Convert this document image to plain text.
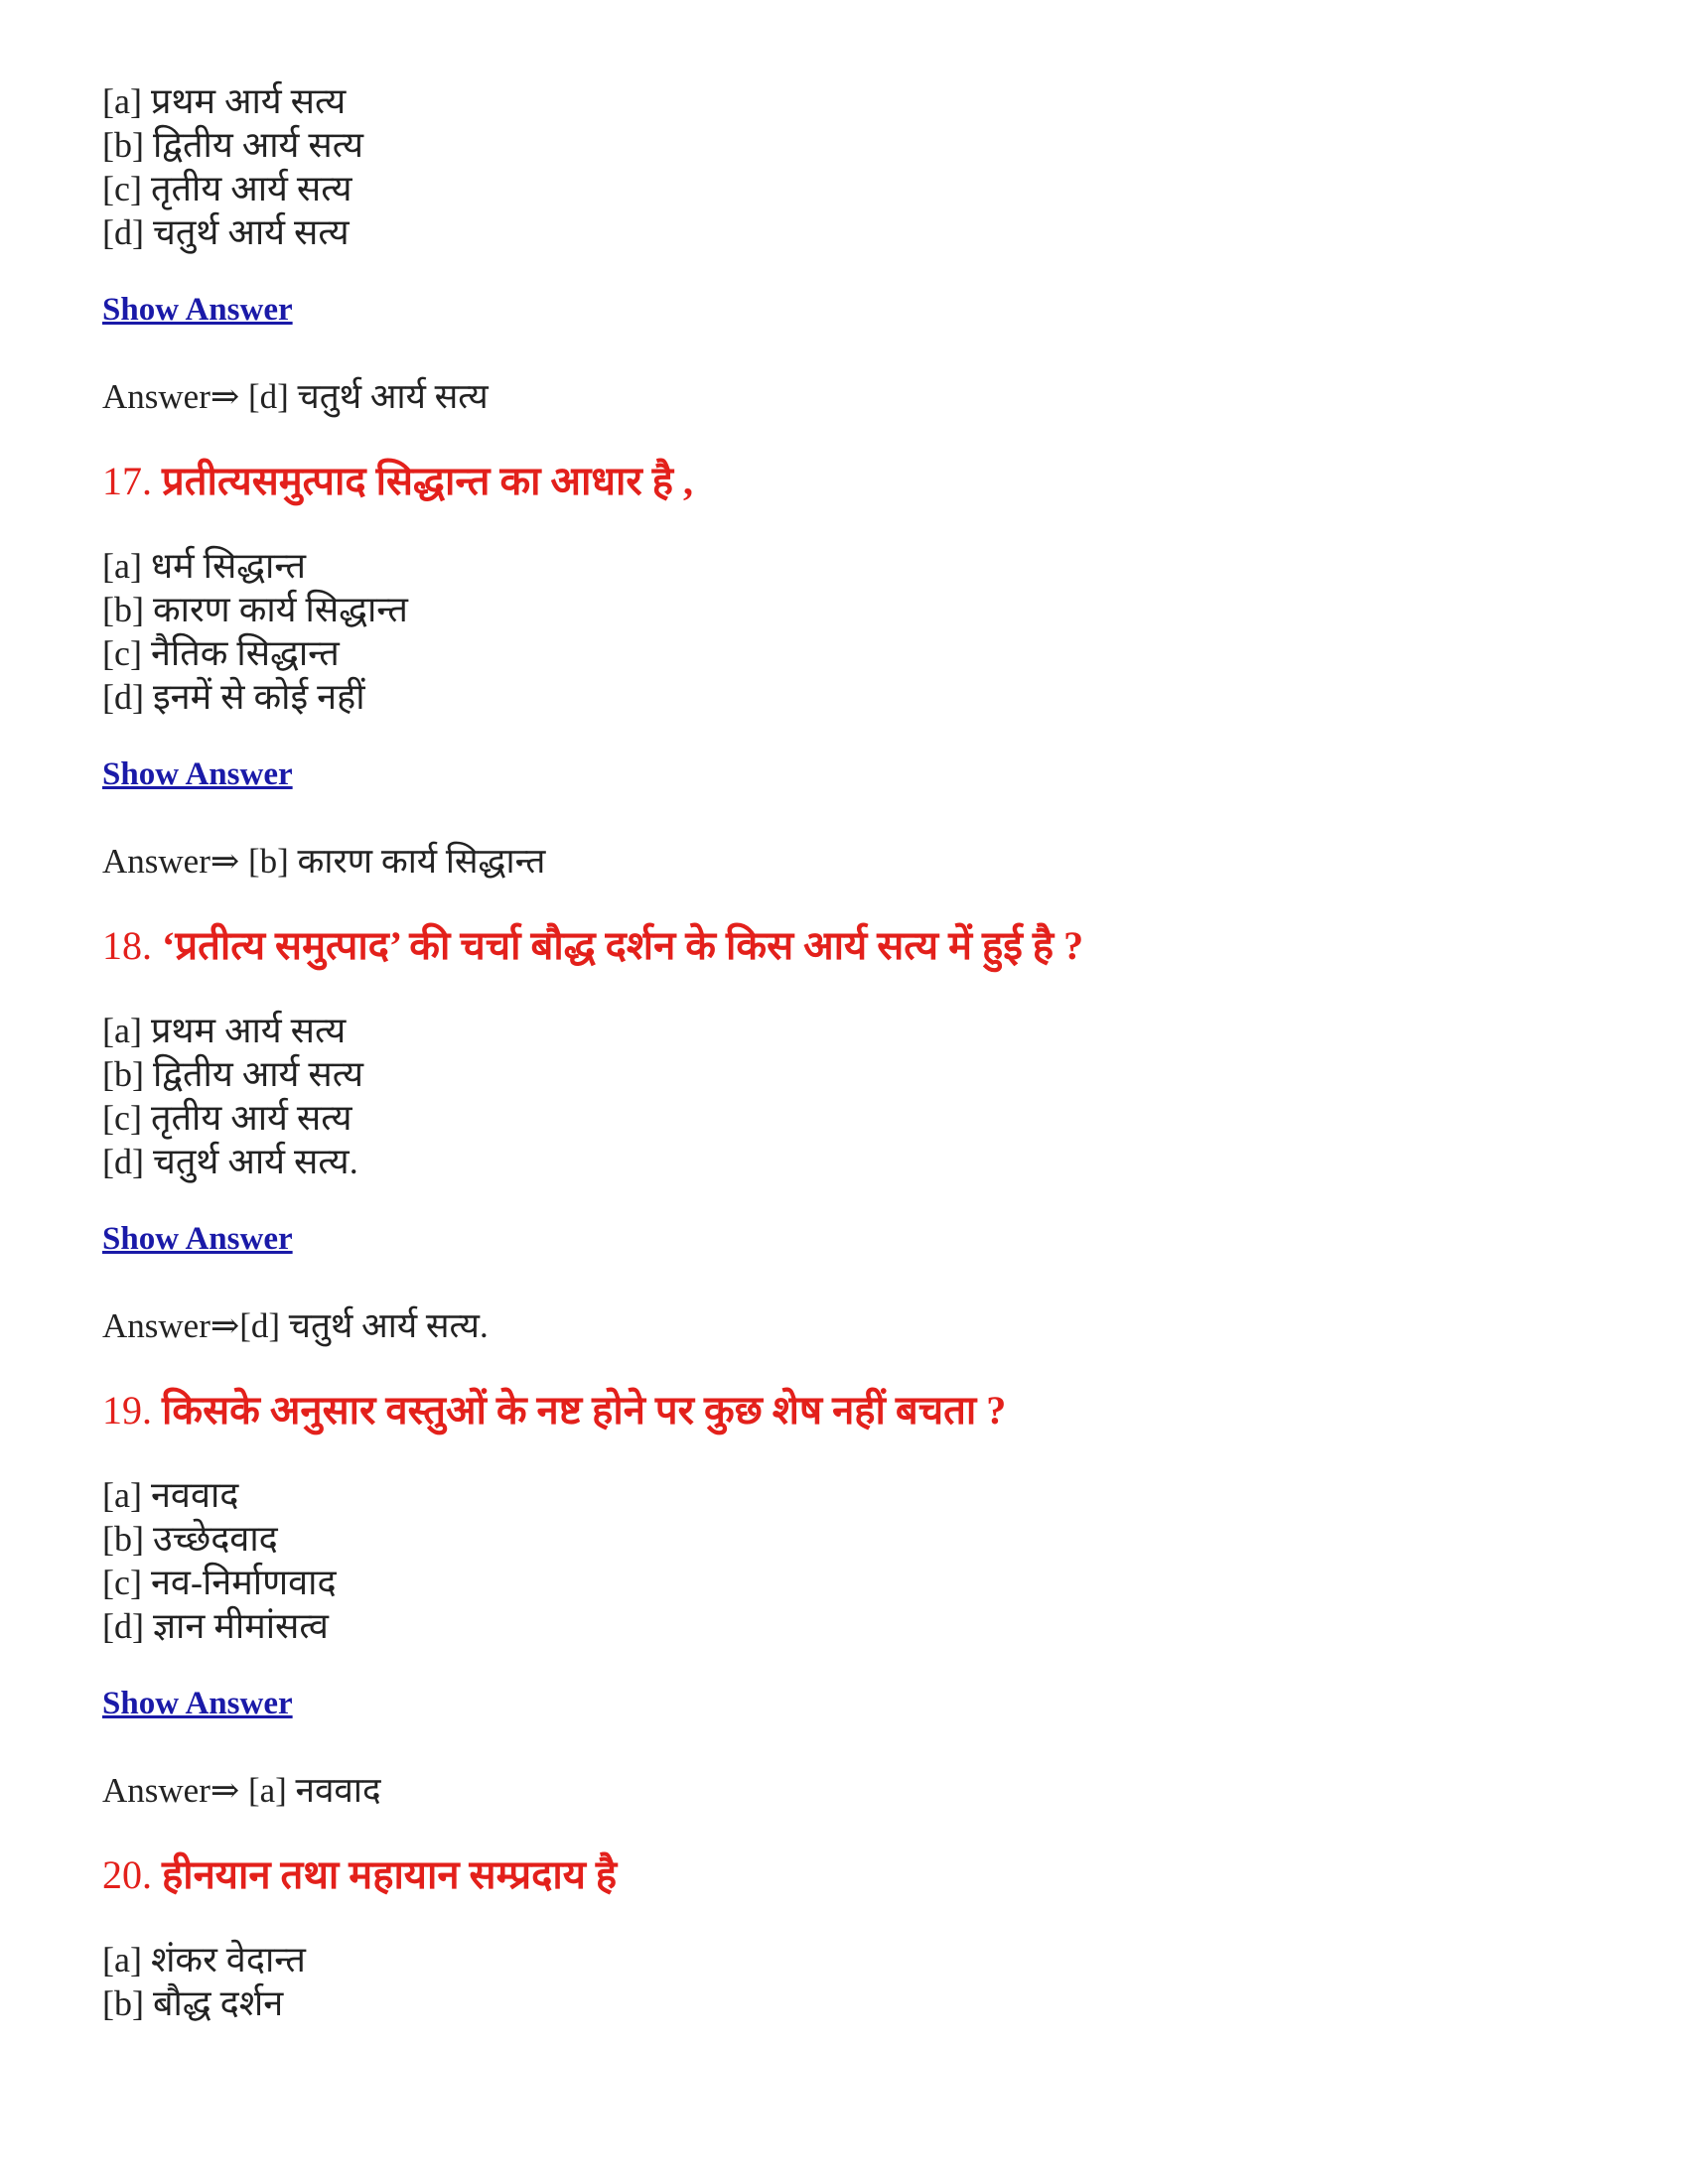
[a] प्रथम आर्य सत्य
[b] द्वितीय आर्य सत्य
[c] तृतीय आर्य सत्य
[d] चतुर्थ आर्य सत्य
Show Answer
Answer⇒ [d] चतुर्थ आर्य सत्य
17. प्रतीत्यसमुत्पाद सिद्धान्त का आधार है ,
[a] धर्म सिद्धान्त
[b] कारण कार्य सिद्धान्त
[c] नैतिक सिद्धान्त
[d] इनमें से कोई नहीं
Show Answer
Answer⇒ [b] कारण कार्य सिद्धान्त
18. ‘प्रतीत्य समुत्पाद’ की चर्चा बौद्ध दर्शन के किस आर्य सत्य में हुई है ?
[a] प्रथम आर्य सत्य
[b] द्वितीय आर्य सत्य
[c] तृतीय आर्य सत्य
[d] चतुर्थ आर्य सत्य.
Show Answer
Answer⇒[d] चतुर्थ आर्य सत्य.
19. किसके अनुसार वस्तुओं के नष्ट होने पर कुछ शेष नहीं बचता ?
[a] नववाद
[b] उच्छेदवाद
[c] नव-निर्माणवाद
[d] ज्ञान मीमांसत्व
Show Answer
Answer⇒ [a] नववाद
20. हीनयान तथा महायान सम्प्रदाय है
[a] शंकर वेदान्त
[b] बौद्ध दर्शन
